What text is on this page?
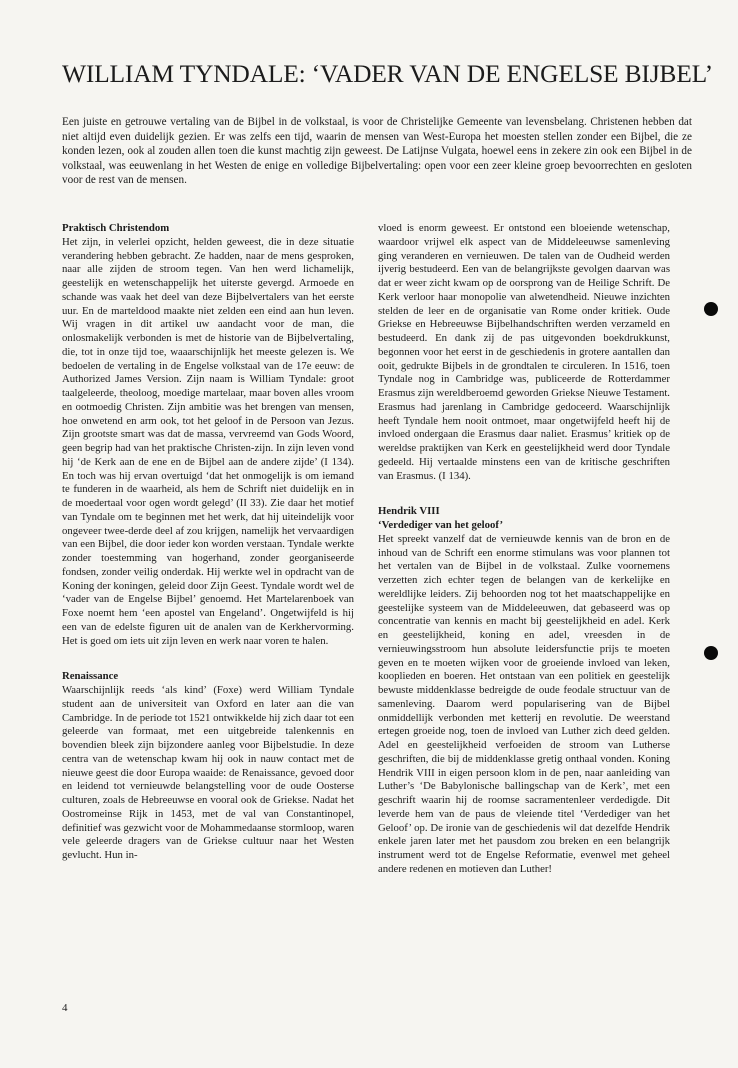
WILLIAM TYNDALE: ‘VADER VAN DE ENGELSE BIJBEL’

Een juiste en getrouwe vertaling van de Bijbel in de volkstaal, is voor de Christelijke Gemeente van levensbelang. Christenen hebben dat niet altijd even duidelijk gezien. Er was zelfs een tijd, waarin de mensen van West-Europa het moesten stellen zonder een Bijbel, die ze konden lezen, ook al zouden allen toen die kunst machtig zijn geweest. De Latijnse Vulgata, hoewel eens in zekere zin ook een Bijbel in de volkstaal, was eeuwenlang in het Westen de enige en volledige Bijbelvertaling: open voor een zeer kleine groep bevoorrechten en gesloten voor de rest van de mensen.

Praktisch Christendom

Het zijn, in velerlei opzicht, helden geweest, die in deze situatie verandering hebben gebracht. Ze hadden, naar de mens gesproken, naar alle zijden de stroom tegen. Van hen werd lichamelijk, geestelijk en wetenschappelijk het uiterste gevergd. Armoede en schande was vaak het deel van deze Bijbelvertalers van het eerste uur. En de marteldood maakte niet zelden een eind aan hun leven. Wij vragen in dit artikel uw aandacht voor de man, die onlosmakelijk verbonden is met de historie van de Bijbelvertaling, die, tot in onze tijd toe, waaarschijnlijk het meeste gelezen is. We bedoelen de vertaling in de Engelse volkstaal van de 17e eeuw: de Authorized James Version. Zijn naam is William Tyndale: groot taalgeleerde, theoloog, moedige martelaar, maar boven alles vroom en ootmoedig Christen. Zijn ambitie was het brengen van mensen, hoe onwetend en arm ook, tot het geloof in de Persoon van Jezus. Zijn grootste smart was dat de massa, vervreemd van Gods Woord, geen begrip had van het praktische Christen-zijn. In zijn leven vond hij ‘de Kerk aan de ene en de Bijbel aan de andere zijde’ (I 134). En toch was hij ervan overtuigd ‘dat het onmogelijk is om iemand te funderen in de waarheid, als hem de Schrift niet duidelijk en in de moedertaal voor ogen wordt gelegd’ (II 33). Zie daar het motief van Tyndale om te beginnen met het werk, dat hij uiteindelijk voor ongeveer twee-derde deel af zou krijgen, namelijk het vervaardigen van een Bijbel, die door ieder kon worden verstaan. Tyndale werkte zonder toestemming van hogerhand, zonder georganiseerde fondsen, zonder veilig onderdak. Hij werkte wel in opdracht van de Koning der koningen, geleid door Zijn Geest. Tyndale wordt wel de ‘vader van de Engelse Bijbel’ genoemd. Het Martelarenboek van Foxe noemt hem ‘een apostel van Engeland’. Ongetwijfeld is hij een van de edelste figuren uit de analen van de Kerkhervorming. Het is goed om iets uit zijn leven en werk naar voren te halen.

Renaissance

Waarschijnlijk reeds ‘als kind’ (Foxe) werd William Tyndale student aan de universiteit van Oxford en later aan die van Cambridge. In de periode tot 1521 ontwikkelde hij zich daar tot een geleerde van formaat, met een uitgebreide talenkennis en bovendien bleek zijn bijzondere aanleg voor Bijbelstudie. In deze centra van de wetenschap kwam hij ook in nauw contact met de nieuwe geest die door Europa waaide: de Renaissance, gevoed door en leidend tot vernieuwde belangstelling voor de oude Oosterse culturen, zoals de Hebreeuwse en vooral ook de Griekse. Nadat het Oostromeinse Rijk in 1453, met de val van Constantinopel, definitief was gezwicht voor de Mohammedaanse stormloop, waren vele geleerde dragers van de Griekse cultuur naar het Westen gevlucht. Hun in-

vloed is enorm geweest. Er ontstond een bloeiende wetenschap, waardoor vrijwel elk aspect van de Middeleeuwse samenleving ging veranderen en vernieuwen. De talen van de Oudheid werden ijverig bestudeerd. Een van de belangrijkste gevolgen daarvan was dat er weer zicht kwam op de oorsprong van de Heilige Schrift. De Kerk verloor haar monopolie van alwetendheid. Nieuwe inzichten stelden de leer en de organisatie van Rome onder kritiek. Oude Griekse en Hebreeuwse Bijbelhandschriften werden verzameld en bestudeerd. En dank zij de pas uitgevonden boekdrukkunst, begonnen voor het eerst in de geschiedenis in grotere aantallen dan ooit, gedrukte Bijbels in de grondtalen te circuleren. In 1516, toen Tyndale nog in Cambridge was, publiceerde de Rotterdammer Erasmus zijn wereldberoemd geworden Griekse Nieuwe Testament. Erasmus had jarenlang in Cambridge gedoceerd. Waarschijnlijk heeft Tyndale hem nooit ontmoet, maar ongetwijfeld heeft hij de invloed ondergaan die Erasmus daar naliet. Erasmus’ kritiek op de wereldse praktijken van Kerk en geestelijkheid werd door Tyndale gedeeld. Hij vertaalde minstens een van de kritische geschriften van Erasmus. (I 134).

Hendrik VIII
‘Verdediger van het geloof’

Het spreekt vanzelf dat de vernieuwde kennis van de bron en de inhoud van de Schrift een enorme stimulans was voor plannen tot het vertalen van de Bijbel in de volkstaal. Zulke voornemens verzetten zich echter tegen de belangen van de kerkelijke en wereldlijke leiders. Zij behoorden nog tot het maatschappelijke en geestelijke systeem van de Middeleeuwen, dat gebaseerd was op concentratie van kennis en macht bij geestelijkheid en adel. Kerk en geestelijkheid, koning en adel, vreesden in de vernieuwingsstroom hun absolute leidersfunctie prijs te moeten geven en te moeten wijken voor de groeiende invloed van leken, kooplieden en boeren. Het ontstaan van een politiek en geestelijk bewuste middenklasse bedreigde de oude feodale structuur van de samenleving. Daarom werd popularisering van de Bijbel onmiddellijk verbonden met ketterij en revolutie. De weerstand ertegen groeide nog, toen de invloed van Luther zich deed gelden. Adel en geestelijkheid verfoeiden de stroom van Lutherse geschriften, die bij de middenklasse gretig onthaal vonden. Koning Hendrik VIII in eigen persoon klom in de pen, naar aanleiding van Luther’s ‘De Babylonische ballingschap van de Kerk’, met een geschrift waarin hij de roomse sacramentenleer verdedigde. Dit leverde hem van de paus de vleiende titel ‘Verdediger van het Geloof’ op. De ironie van de geschiedenis wil dat dezelfde Hendrik enkele jaren later met het pausdom zou breken en een belangrijk instrument werd tot de Engelse Reformatie, evenwel met geheel andere redenen en motieven dan Luther!

4
